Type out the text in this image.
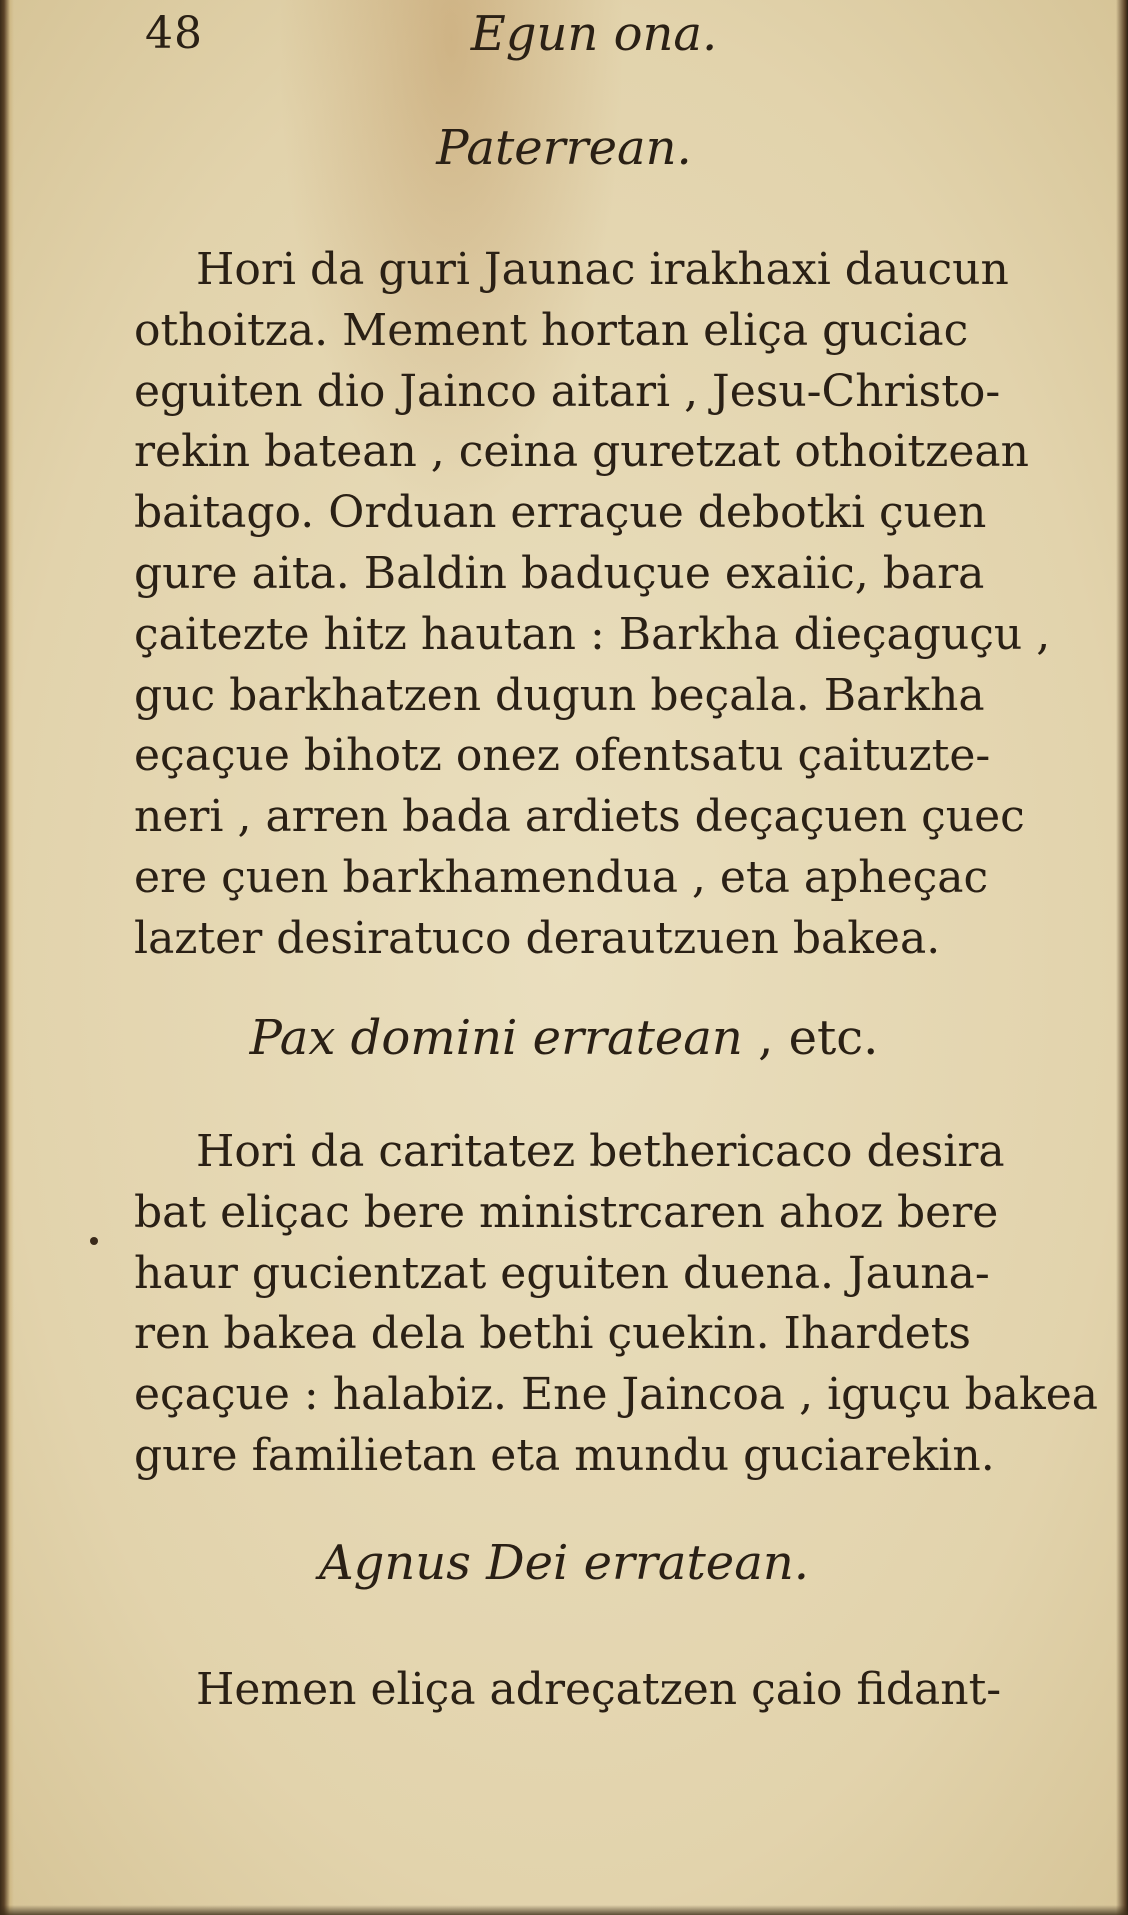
48	Egun ona.
Paterrean.
Hori da guri Jaunac irakhaxi daucun
othoitza. Mement hortan eliça guciac
eguiten dio Jainco aitari , Jesu-Christo-
rekin batean , ceina guretzat othoitzean
baitago. Orduan erraçue debotki çuen
gure aita. Baldin baduçue exaiic, bara
çaitezte hitz hautan : Barkha dieçaguçu ,
guc barkhatzen dugun beçala. Barkha
eçaçue bihotz onez ofentsatu çaituzte-
neri , arren bada ardiets deçaçuen çuec
ere çuen barkhamendua , eta apheçac
lazter desiratuco derautzuen bakea.
Pax domini erratean , etc.
Hori da caritatez bethericaco desira
bat eliçac bere ministrcaren ahoz bere
haur gucientzat eguiten duena. Jauna-
ren bakea dela bethi çuekin. Ihardets
eçaçue : halabiz. Ene Jaincoa , iguçu bakea
gure familietan eta mundu guciarekin.
Agnus Dei erratean.
Hemen eliça adreçatzen çaio fidant-
